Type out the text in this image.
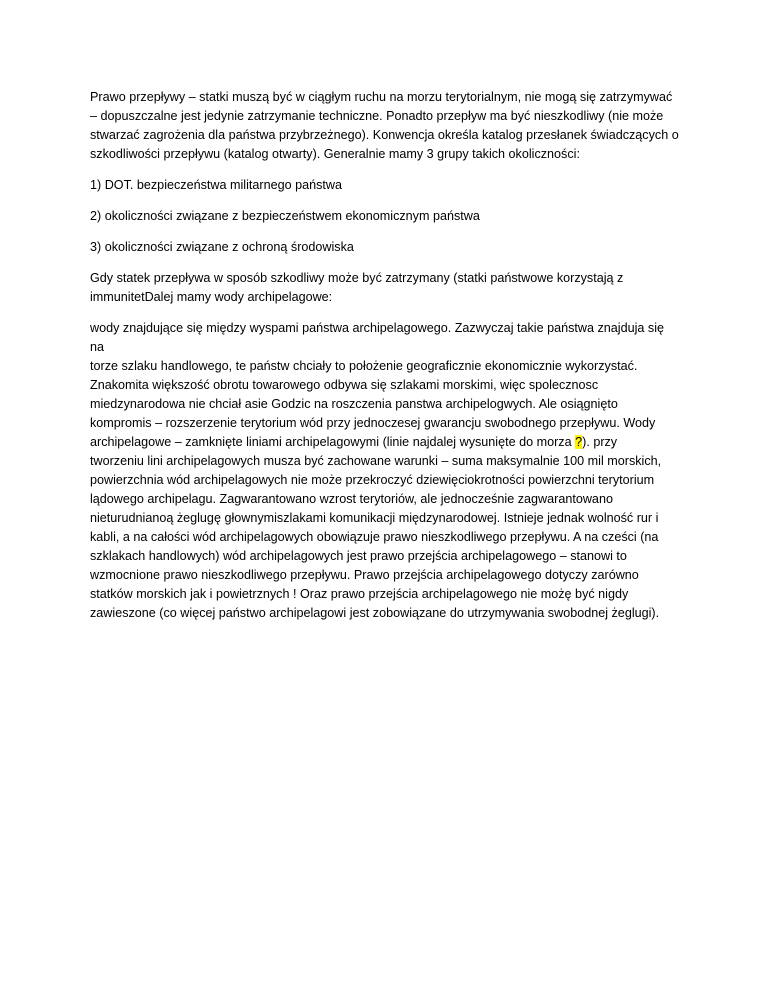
Prawo przepływy – statki muszą być w ciągłym ruchu na morzu terytorialnym, nie mogą się zatrzymywać
– dopuszczalne jest jedynie zatrzymanie techniczne. Ponadto przepływ ma być nieszkodliwy (nie może
stwarzać zagrożenia dla państwa przybrzeżnego). Konwencja określa katalog przesłanek świadczących o
szkodliwości przepływu (katalog otwarty). Generalnie mamy 3 grupy takich okoliczności:

1) DOT. bezpieczeństwa militarnego państwa

2) okoliczności związane z bezpieczeństwem ekonomicznym państwa

3) okoliczności związane z ochroną środowiska

Gdy statek przepływa w sposób szkodliwy może być zatrzymany (statki państwowe korzystają z
immunitetDalej mamy wody archipelagowe:

wody znajdujące się między wyspami państwa archipelagowego. Zazwyczaj takie państwa znajduja się na
torze szlaku handlowego, te państw chciały to położenie geograficznie ekonomicznie wykorzystać.
Znakomita większość obrotu towarowego odbywa się szlakami morskimi, więc spolecznosc
miedzynarodowa nie chciał asie Godzic na roszczenia panstwa archipelogwych. Ale osiągnięto
kompromis – rozszerzenie terytorium wód przy jednoczesej gwarancju swobodnego przepływu. Wody
archipelagowe – zamknięte liniami archipelagowymi (linie najdalej wysunięte do morza ?). przy
tworzeniu lini archipelagowych musza być zachowane warunki – suma maksymalnie 100 mil morskich,
powierzchnia wód archipelagowych nie może przekroczyć dziewięciokrotności powierzchni terytorium
lądowego archipelagu. Zagwarantowano wzrost terytoriów, ale jednocześnie zagwarantowano
nieturudnianoą żeglugę głownymiszlakami komunikacji międzynarodowej. Istnieje jednak wolność rur i
kabli, a na całości wód archipelagowych obowiązuje prawo nieszkodliwego przepływu. A na cześci (na
szklakach handlowych) wód archipelagowych jest prawo przejścia archipelagowego – stanowi to
wzmocnione prawo nieszkodliwego przepływu. Prawo przejścia archipelagowego dotyczy zarówno
statków morskich jak i powietrznych ! Oraz prawo przejścia archipelagowego nie możę być nigdy
zawieszone (co więcej państwo archipelagowi jest zobowiązane do utrzymywania swobodnej żeglugi).
